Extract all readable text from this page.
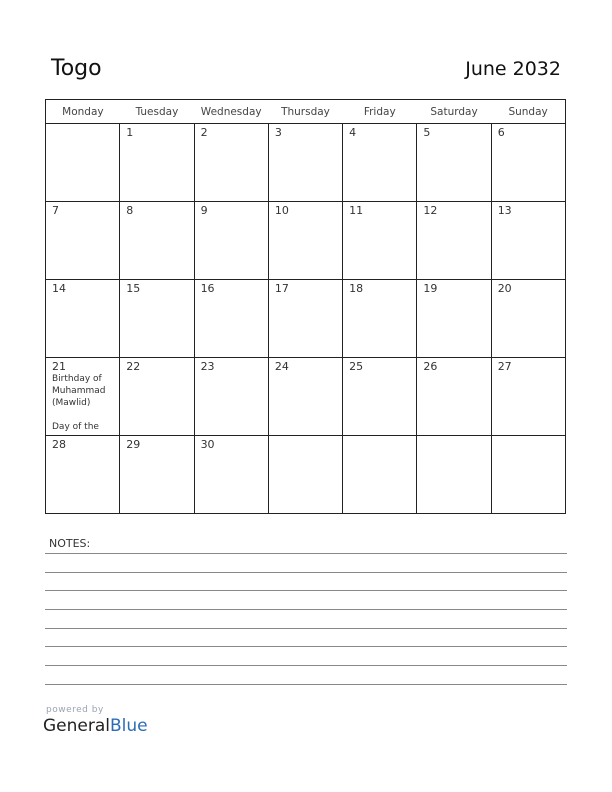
Togo	June 2032
Monday	Tuesday	Wednesday	Thursday	Friday	Saturday	Sunday

	1	2	3	4	5	6

7	8	9	10	11	12	13

14	15	16	17	18	19	20

21
Birthday of
Muhammad
(Mawlid)
Day of the	22	23	24	25	26	27

28	29	30				

NOTES:
powered by
GeneralBlue
